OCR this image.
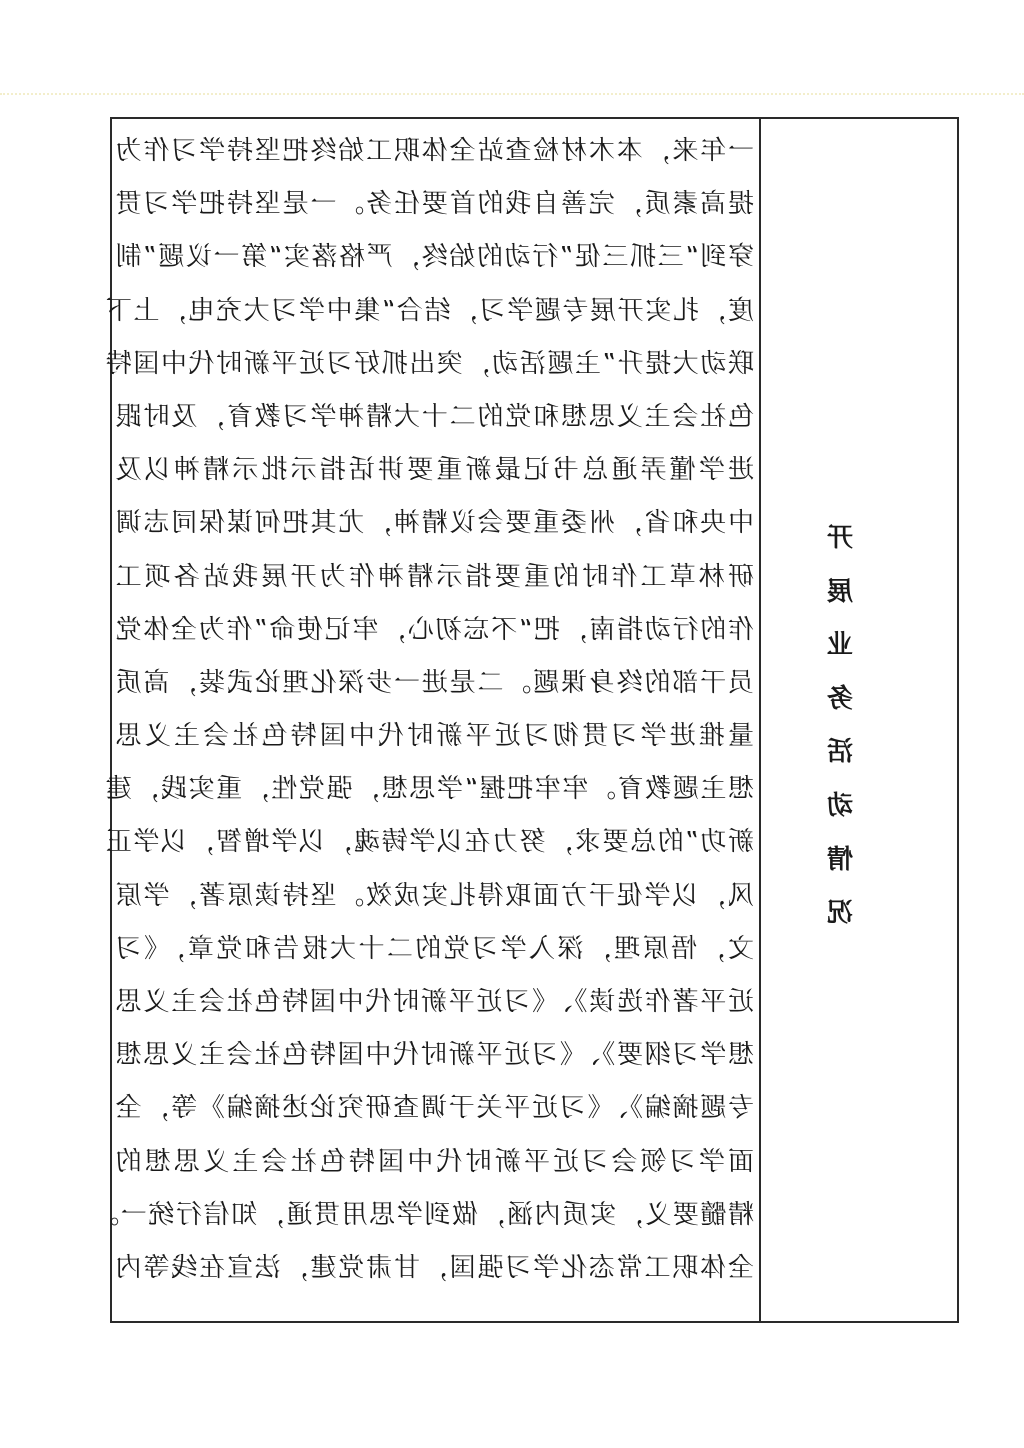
一年来，本木材检查站全体职工始终把坚持学习作为
提高素质，完善自我的首要任务。一是坚持把学习贯
穿到“三抓三促”行动的始终，严格落实“第一议题”制
度，扎实开展专题学习，结合“集中学习大充电，上下
联动大提升”主题活动，突出抓好习近平新时代中国特
色社会主义思想和党的二十大精神学习教育，及时跟
进学懂弄通总书记最新重要讲话指示批示精神以及
中央和省，州委重要会议精神，尤其把何谋保同志调
研林草工作时的重要指示精神作为开展我站各项工
作的行动指南，把“不忘初心，牢记使命”作为全体党
员干部的终身课题。二是进一步深化理论武装，高质
量推进学习贯彻习近平新时代中国特色社会主义思
想主题教育。牢牢把握“学思想，强党性，重实践，建
新功”的总要求，努力在以学铸魂，以学增智，以学正
风，以学促干方面取得扎实成效。坚持读原著，学原
文，悟原理，深入学习党的二十大报告和党章，《习
近平著作选读》、《习近平新时代中国特色社会主义思
想学习纲要》、《习近平新时代中国特色社会主义思想
专题摘编》、《习近平关于调查研究论述摘编》等，全
面学习领会习近平新时代中国特色社会主义思想的
精髓要义，实质内涵，做到学思用贯通，知信行统一。
全体职工常态化学习强国，甘肃党建，法宣在线等内
开
展
业
务
活
动
情
况
